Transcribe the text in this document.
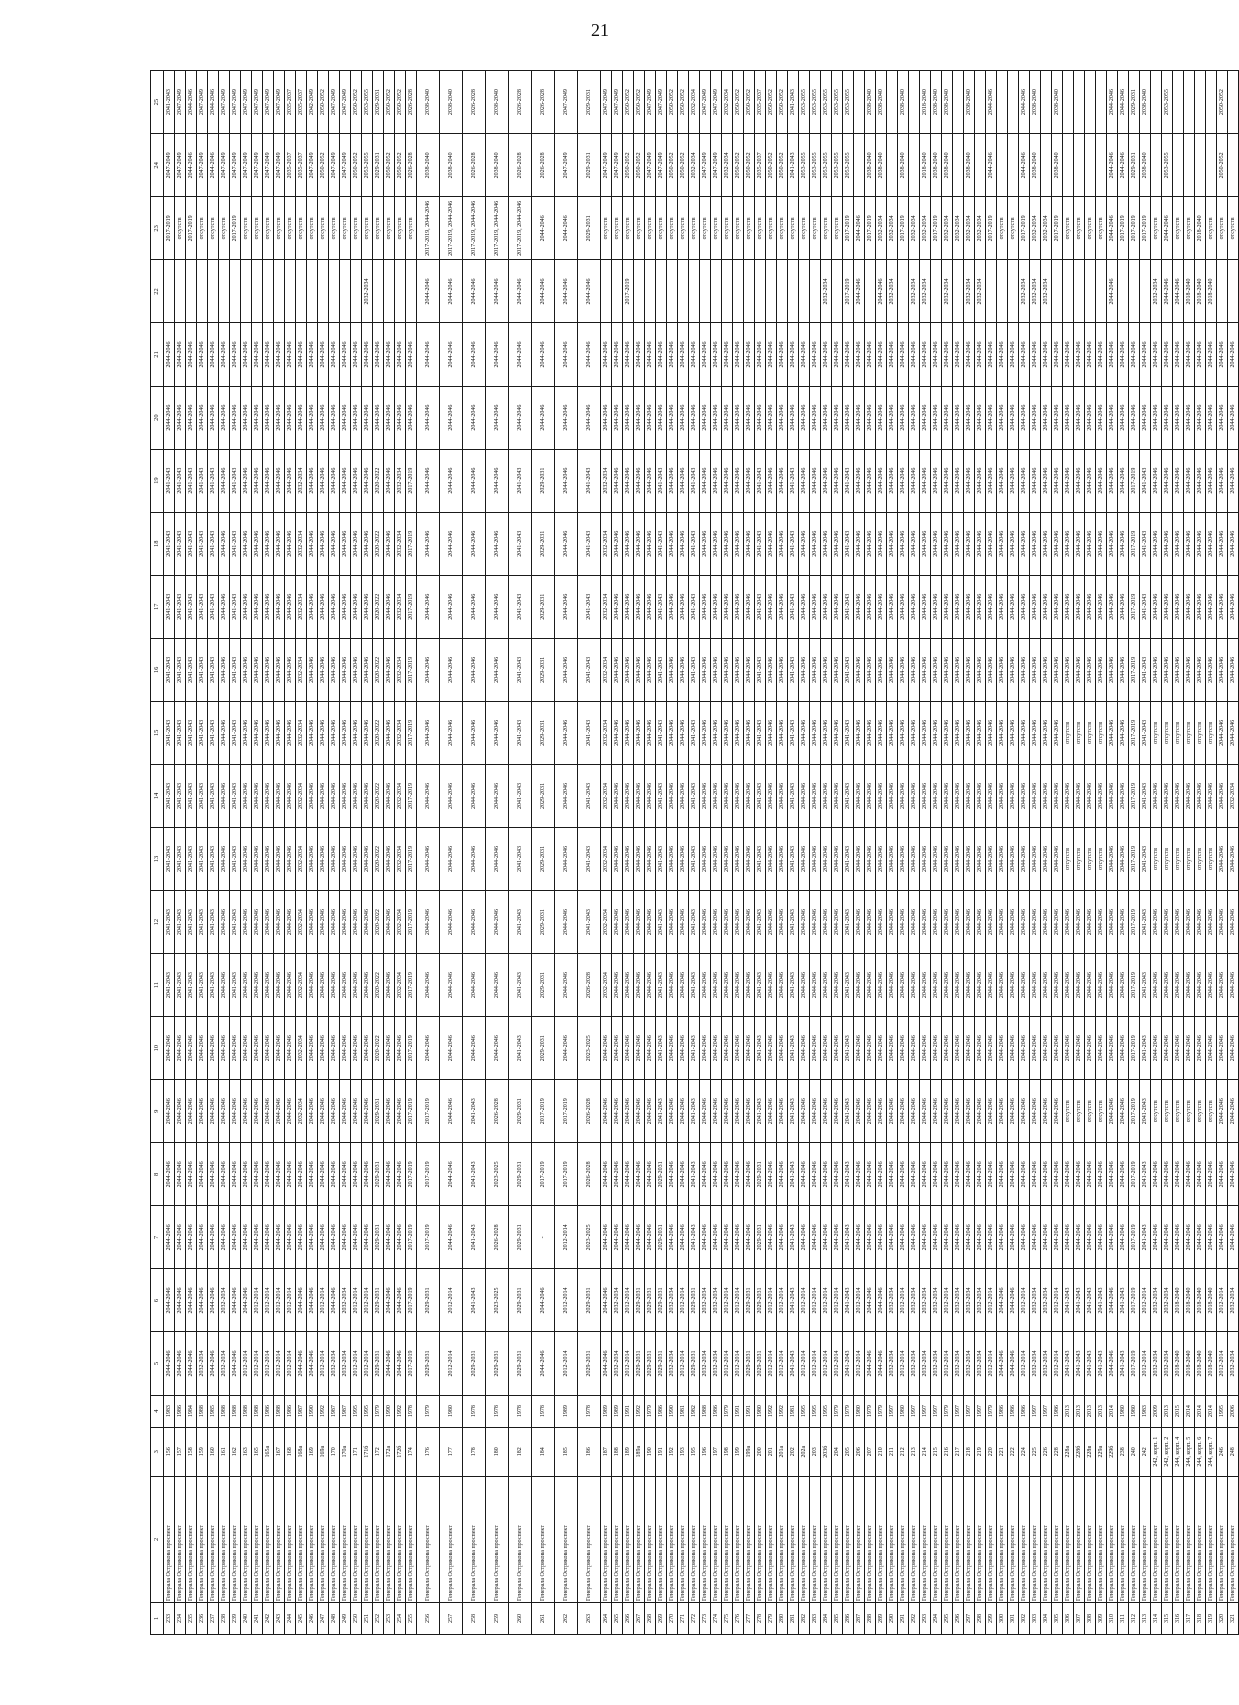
21
1	2	3	4	5	6	7	8	9	10	11	12	13	14	15	16	17	18	19	20	21	22	23	24	25
233	Генерала Острякова проспект	156	1983	2044-2046	2044-2046	2044-2046	2044-2046	2044-2046	2044-2046	2041-2043	2041-2043	2041-2043	2041-2043	2041-2043	2041-2043	2041-2043	2041-2043	2041-2043	2044-2046	2044-2046		2017-2019	2047-2049	2041-2043
234	Генерала Острякова проспект	157	1986	2044-2046	2044-2046	2044-2046	2044-2046	2044-2046	2044-2046	2041-2043	2041-2043	2041-2043	2041-2043	2041-2043	2041-2043	2041-2043	2041-2043	2041-2043	2044-2046	2044-2046		отсутств	2047-2049	2047-2049
235	Генерала Острякова проспект	158	1984	2044-2046	2044-2046	2044-2046	2044-2046	2044-2046	2044-2046	2041-2043	2041-2043	2041-2043	2041-2043	2041-2043	2041-2043	2041-2043	2041-2043	2041-2043	2044-2046	2044-2046		2017-2019	2044-2046	2044-2046
236	Генерала Острякова проспект	159	1988	2032-2034	2044-2046	2044-2046	2044-2046	2044-2046	2044-2046	2041-2043	2041-2043	2041-2043	2041-2043	2041-2043	2041-2043	2041-2043	2041-2043	2041-2043	2044-2046	2044-2046		отсутств	2047-2049	2047-2049
237	Генерала Острякова проспект	160	1985	2044-2046	2044-2046	2044-2046	2044-2046	2044-2046	2044-2046	2041-2043	2041-2043	2041-2043	2041-2043	2041-2043	2041-2043	2041-2043	2041-2043	2041-2043	2044-2046	2044-2046		отсутств	2044-2046	2044-2046
238	Генерала Острякова проспект	161	1988	2032-2034	2032-2034	2044-2046	2044-2046	2044-2046	2044-2046	2044-2046	2044-2046	2044-2046	2044-2046	2044-2046	2044-2046	2044-2046	2044-2046	2044-2046	2044-2046	2044-2046		отсутств	2047-2049	2047-2049
239	Генерала Острякова проспект	162	1988	2044-2046	2044-2046	2044-2046	2044-2046	2044-2046	2044-2046	2041-2043	2041-2043	2041-2043	2041-2043	2041-2043	2041-2043	2041-2043	2041-2043	2041-2043	2044-2046	2044-2046		2017-2019	2047-2049	2047-2049
240	Генерала Острякова проспект	163	1988	2012-2014	2044-2046	2044-2046	2044-2046	2044-2046	2044-2046	2044-2046	2044-2046	2044-2046	2044-2046	2044-2046	2044-2046	2044-2046	2044-2046	2044-2046	2044-2046	2044-2046		отсутств	2047-2049	2047-2049
241	Генерала Острякова проспект	165	1988	2012-2014	2012-2014	2044-2046	2044-2046	2044-2046	2044-2046	2044-2046	2044-2046	2044-2046	2044-2046	2044-2046	2044-2046	2044-2046	2044-2046	2044-2046	2044-2046	2044-2046		отсутств	2047-2049	2047-2049
242	Генерала Острякова проспект	165а	1986	2012-2014	2012-2014	2044-2046	2044-2046	2044-2046	2044-2046	2044-2046	2044-2046	2044-2046	2044-2046	2044-2046	2044-2046	2044-2046	2044-2046	2044-2046	2044-2046	2044-2046		отсутств	2047-2049	2047-2049
243	Генерала Острякова проспект	167	1988	2012-2014	2012-2014	2044-2046	2044-2046	2044-2046	2044-2046	2044-2046	2044-2046	2044-2046	2044-2046	2044-2046	2044-2046	2044-2046	2044-2046	2044-2046	2044-2046	2044-2046		отсутств	2047-2049	2047-2049
244	Генерала Острякова проспект	168	1986	2012-2014	2012-2014	2044-2046	2044-2046	2044-2046	2044-2046	2044-2046	2044-2046	2044-2046	2044-2046	2044-2046	2044-2046	2044-2046	2044-2046	2044-2046	2044-2046	2044-2046		отсутств	2035-2037	2035-2037
245	Генерала Острякова проспект	168а	1987	2044-2046	2044-2046	2044-2046	2044-2046	2032-2034	2032-2034	2032-2034	2032-2034	2032-2034	2032-2034	2032-2034	2032-2034	2032-2034	2032-2034	2032-2034	2044-2046	2044-2046		отсутств	2035-2037	2035-2037
246	Генерала Острякова проспект	169	1990	2044-2046	2044-2046	2044-2046	2044-2046	2044-2046	2044-2046	2044-2046	2044-2046	2044-2046	2044-2046	2044-2046	2044-2046	2044-2046	2044-2046	2044-2046	2044-2046	2044-2046		отсутств	2047-2049	2042-2049
247	Генерала Острякова проспект	169а	1992	2012-2014	2012-2014	2044-2046	2044-2046	2044-2046	2044-2046	2044-2046	2044-2046	2044-2046	2044-2046	2044-2046	2044-2046	2044-2046	2044-2046	2044-2046	2044-2046	2044-2046		отсутств	2050-2052	2050-2052
248	Генерала Острякова проспект	170	1987	2032-2034	2044-2046	2044-2046	2044-2046	2044-2046	2044-2046	2044-2046	2044-2046	2044-2046	2044-2046	2044-2046	2044-2046	2044-2046	2044-2046	2044-2046	2044-2046	2044-2046		отсутств	2047-2049	2047-2049
249	Генерала Острякова проспект	170а	1987	2032-2034	2032-2034	2044-2046	2044-2046	2044-2046	2044-2046	2044-2046	2044-2046	2044-2046	2044-2046	2044-2046	2044-2046	2044-2046	2044-2046	2044-2046	2044-2046	2044-2046		отсутств	2047-2049	2047-2049
250	Генерала Острякова проспект	171	1995	2012-2014	2012-2014	2044-2046	2044-2046	2044-2046	2044-2046	2044-2046	2044-2046	2044-2046	2044-2046	2044-2046	2044-2046	2044-2046	2044-2046	2044-2046	2044-2046	2044-2046		отсутств	2050-2052	2050-2052
251	Генерала Острякова проспект	171б	1995	2012-2014	2012-2014	2044-2046	2044-2046	2044-2046	2044-2046	2044-2046	2044-2046	2044-2046	2044-2046	2044-2046	2044-2046	2044-2046	2044-2046	2044-2046	2044-2046	2044-2046	2032-2034	отсутств	2053-2055	2053-2055
252	Генерала Острякова проспект	172	1979	2029-2031	2029-2031	2029-2031	2029-2031	2029-2031	2020-2022	2020-2022	2020-2022	2020-2022	2020-2022	2020-2022	2020-2022	2020-2022	2020-2022	2020-2022	2044-2046	2044-2046		отсутств	2029-2031	2029-2031
253	Генерала Острякова проспект	172а	1990	2044-2046	2044-2046	2044-2046	2044-2046	2044-2046	2044-2046	2044-2046	2044-2046	2044-2046	2044-2046	2044-2046	2044-2046	2044-2046	2044-2046	2044-2046	2044-2046	2044-2046		отсутств	2050-2052	2050-2052
254	Генерала Острякова проспект	172б	1992	2044-2046	2044-2046	2044-2046	2044-2046	2044-2046	2044-2046	2032-2034	2032-2034	2032-2034	2032-2034	2032-2034	2032-2034	2032-2034	2032-2034	2032-2034	2044-2046	2044-2046		отсутств	2050-2052	2050-2052
255	Генерала Острякова проспект	174	1978	2017-2019	2017-2019	2017-2019	2017-2019	2017-2019	2017-2019	2017-2019	2017-2019	2017-2019	2017-2019	2017-2019	2017-2019	2017-2019	2017-2019	2017-2019	2044-2046	2044-2046		отсутств	2026-2028	2026-2028
256	Генерала Острякова проспект	176	1979	2029-2031	2029-2031	2017-2019	2017-2019	2017-2019	2044-2046	2044-2046	2044-2046	2044-2046	2044-2046	2044-2046	2044-2046	2044-2046	2044-2046	2044-2046	2044-2046	2044-2046	2044-2046	2017-2019, 2044-2046	2038-2040	2038-2040
257	Генерала Острякова проспект	177	1980	2012-2014	2012-2014	2044-2046	2044-2046	2044-2046	2044-2046	2044-2046	2044-2046	2044-2046	2044-2046	2044-2046	2044-2046	2044-2046	2044-2046	2044-2046	2044-2046	2044-2046	2044-2046	2017-2019, 2044-2046	2038-2040	2038-2040
258	Генерала Острякова проспект	178	1978	2029-2031	2041-2043	2041-2043	2041-2043	2041-2043	2044-2046	2044-2046	2044-2046	2044-2046	2044-2046	2044-2046	2044-2046	2044-2046	2044-2046	2044-2046	2044-2046	2044-2046	2044-2046	2017-2019, 2044-2046	2026-2028	2026-2028
259	Генерала Острякова проспект	180	1978	2029-2031	2023-2025	2026-2028	2023-2025	2026-2028	2044-2046	2044-2046	2044-2046	2044-2046	2044-2046	2044-2046	2044-2046	2044-2046	2044-2046	2044-2046	2044-2046	2044-2046	2044-2046	2017-2019, 2044-2046	2038-2040	2038-2040
260	Генерала Острякова проспект	182	1978	2029-2031	2029-2031	2029-2031	2029-2031	2029-2031	2041-2043	2041-2043	2041-2043	2041-2043	2041-2043	2041-2043	2041-2043	2041-2043	2041-2043	2041-2043	2044-2046	2044-2046	2044-2046	2017-2019, 2044-2046	2026-2028	2026-2028
261	Генерала Острякова проспект	184	1978	2044-2046	2044-2046	-	2017-2019	2017-2019	2029-2031	2029-2031	2029-2031	2029-2031	2029-2031	2029-2031	2029-2031	2029-2031	2029-2031	2029-2031	2044-2046	2044-2046	2044-2046	2044-2046	2026-2028	2026-2028
262	Генерала Острякова проспект	185	1989	2012-2014	2012-2014	2012-2014	2017-2019	2017-2019	2044-2046	2044-2046	2044-2046	2044-2046	2044-2046	2044-2046	2044-2046	2044-2046	2044-2046	2044-2046	2044-2046	2044-2046	2044-2046	2044-2046	2047-2049	2047-2049
263	Генерала Острякова проспект	186	1978	2029-2031	2029-2031	2023-2025	2026-2028	2026-2028	2023-2025	2026-2028	2041-2043	2041-2043	2041-2043	2041-2043	2041-2043	2041-2043	2041-2043	2041-2043	2044-2046	2044-2046	2044-2046	2029-2031	2029-2031	2029-2031
264	Генерала Острякова проспект	187	1989	2044-2046	2044-2046	2044-2046	2044-2046	2044-2046	2044-2046	2032-2034	2032-2034	2032-2034	2032-2034	2032-2034	2032-2034	2032-2034	2032-2034	2032-2034	2044-2046	2044-2046		отсутств	2047-2049	2047-2049
265	Генерала Острякова проспект	188	1989	2032-2034	2032-2034	2044-2046	2044-2046	2044-2046	2044-2046	2044-2046	2044-2046	2044-2046	2044-2046	2044-2046	2044-2046	2044-2046	2044-2046	2044-2046	2044-2046	2044-2046		отсутств	2047-2049	2047-2049
266	Генерала Острякова проспект	189	1991	2012-2014	2012-2014	2044-2046	2044-2046	2044-2046	2044-2046	2044-2046	2044-2046	2044-2046	2044-2046	2044-2046	2044-2046	2044-2046	2044-2046	2044-2046	2044-2046	2044-2046	2017-2019	отсутств	2050-2052	2050-2052
267	Генерала Острякова проспект	189а	1992	2029-2031	2029-2031	2044-2046	2044-2046	2044-2046	2044-2046	2044-2046	2044-2046	2044-2046	2044-2046	2044-2046	2044-2046	2044-2046	2044-2046	2044-2046	2044-2046	2044-2046		отсутств	2050-2052	2050-2052
268	Генерала Острякова проспект	190	1979	2029-2031	2029-2031	2044-2046	2044-2046	2044-2046	2044-2046	2044-2046	2044-2046	2044-2046	2044-2046	2044-2046	2044-2046	2044-2046	2044-2046	2044-2046	2044-2046	2044-2046		отсутств	2047-2049	2047-2049
269	Генерала Острякова проспект	191	1986	2029-2031	2029-2031	2029-2031	2029-2031	2041-2043	2041-2043	2041-2043	2041-2043	2041-2043	2041-2043	2041-2043	2041-2043	2041-2043	2041-2043	2041-2043	2044-2046	2044-2046		отсутств	2047-2049	2047-2049
270	Генерала Острякова проспект	192	1990	2032-2034	2032-2034	2044-2046	2044-2046	2044-2046	2044-2046	2044-2046	2044-2046	2044-2046	2044-2046	2044-2046	2044-2046	2044-2046	2044-2046	2044-2046	2044-2046	2044-2046		отсутств	2050-2052	2050-2052
271	Генерала Острякова проспект	193	1981	2012-2014	2012-2014	2044-2046	2044-2046	2044-2046	2044-2046	2044-2046	2044-2046	2044-2046	2044-2046	2044-2046	2044-2046	2044-2046	2044-2046	2044-2046	2044-2046	2044-2046		отсутств	2050-2052	2050-2052
272	Генерала Острякова проспект	195	1982	2029-2031	2029-2031	2041-2043	2041-2043	2041-2043	2041-2043	2041-2043	2041-2043	2041-2043	2041-2043	2041-2043	2041-2043	2041-2043	2041-2043	2041-2043	2044-2046	2044-2046		отсутств	2032-2034	2032-2034
273	Генерала Острякова проспект	196	1988	2032-2034	2032-2034	2044-2046	2044-2046	2044-2046	2044-2046	2044-2046	2044-2046	2044-2046	2044-2046	2044-2046	2044-2046	2044-2046	2044-2046	2044-2046	2044-2046	2044-2046		отсутств	2047-2049	2047-2049
274	Генерала Острякова проспект	197	1986	2032-2034	2032-2034	2044-2046	2044-2046	2044-2046	2044-2046	2044-2046	2044-2046	2044-2046	2044-2046	2044-2046	2044-2046	2044-2046	2044-2046	2044-2046	2044-2046	2044-2046		отсутств	2047-2049	2047-2049
275	Генерала Острякова проспект	198	1979	2012-2014	2012-2014	2044-2046	2044-2046	2044-2046	2044-2046	2044-2046	2044-2046	2044-2046	2044-2046	2044-2046	2044-2046	2044-2046	2044-2046	2044-2046	2044-2046	2044-2046		отсутств	2032-2034	2032-2034
276	Генерала Острякова проспект	199	1991	2012-2014	2012-2014	2044-2046	2044-2046	2044-2046	2044-2046	2044-2046	2044-2046	2044-2046	2044-2046	2044-2046	2044-2046	2044-2046	2044-2046	2044-2046	2044-2046	2044-2046		отсутств	2050-2052	2050-2052
277	Генерала Острякова проспект	199а	1991	2029-2031	2029-2031	2044-2046	2044-2046	2044-2046	2044-2046	2044-2046	2044-2046	2044-2046	2044-2046	2044-2046	2044-2046	2044-2046	2044-2046	2044-2046	2044-2046	2044-2046		отсутств	2050-2052	2050-2052
278	Генерала Острякова проспект	200	1980	2029-2031	2029-2031	2029-2031	2029-2031	2041-2043	2041-2043	2041-2043	2041-2043	2041-2043	2041-2043	2041-2043	2041-2043	2041-2043	2041-2043	2041-2043	2044-2046	2044-2046		отсутств	2035-2037	2035-2037
279	Генерала Острякова проспект	201	1992	2012-2014	2012-2014	2044-2046	2044-2046	2044-2046	2044-2046	2044-2046	2044-2046	2044-2046	2044-2046	2044-2046	2044-2046	2044-2046	2044-2046	2044-2046	2044-2046	2044-2046		отсутств	2050-2052	2050-2052
280	Генерала Острякова проспект	201а	1992	2012-2014	2012-2014	2044-2046	2044-2046	2044-2046	2044-2046	2044-2046	2044-2046	2044-2046	2044-2046	2044-2046	2044-2046	2044-2046	2044-2046	2044-2046	2044-2046	2044-2046		отсутств	2050-2052	2050-2052
281	Генерала Острякова проспект	202	1981	2041-2043	2041-2043	2041-2043	2041-2043	2041-2043	2041-2043	2041-2043	2041-2043	2041-2043	2041-2043	2041-2043	2041-2043	2041-2043	2041-2043	2041-2043	2044-2046	2044-2046		отсутств	2041-2043	2041-2043
282	Генерала Острякова проспект	202а	1995	2012-2014	2012-2014	2044-2046	2044-2046	2044-2046	2044-2046	2044-2046	2044-2046	2044-2046	2044-2046	2044-2046	2044-2046	2044-2046	2044-2046	2044-2046	2044-2046	2044-2046		отсутств	2053-2055	2053-2055
283	Генерала Острякова проспект	203	1995	2012-2014	2012-2014	2044-2046	2044-2046	2044-2046	2044-2046	2044-2046	2044-2046	2044-2046	2044-2046	2044-2046	2044-2046	2044-2046	2044-2046	2044-2046	2044-2046	2044-2046		отсутств	2053-2055	2053-2055
284	Генерала Острякова проспект	203б	1995	2012-2014	2012-2014	2044-2046	2044-2046	2044-2046	2044-2046	2044-2046	2044-2046	2044-2046	2044-2046	2044-2046	2044-2046	2044-2046	2044-2046	2044-2046	2044-2046	2044-2046	2032-2034	отсутств	2053-2055	2053-2055
285	Генерала Острякова проспект	204	1979	2012-2014	2012-2014	2044-2046	2044-2046	2044-2046	2044-2046	2044-2046	2044-2046	2044-2046	2044-2046	2044-2046	2044-2046	2044-2046	2044-2046	2044-2046	2044-2046	2044-2046		отсутств	2053-2055	2053-2055
286	Генерала Острякова проспект	205	1979	2041-2043	2041-2043	2041-2043	2041-2043	2041-2043	2041-2043	2041-2043	2041-2043	2041-2043	2041-2043	2041-2043	2041-2043	2041-2043	2041-2043	2041-2043	2044-2046	2044-2046	2017-2019	2017-2019	2053-2055	2053-2055
287	Генерала Острякова проспект	206	1980	2012-2014	2012-2014	2044-2046	2044-2046	2044-2046	2044-2046	2044-2046	2044-2046	2044-2046	2044-2046	2044-2046	2044-2046	2044-2046	2044-2046	2044-2046	2044-2046	2044-2046	2044-2046	2044-2046		
288	Генерала Острякова проспект	207	1979	2044-2046	2044-2046	2044-2046	2044-2046	2044-2046	2044-2046	2044-2046	2044-2046	2044-2046	2044-2046	2044-2046	2044-2046	2044-2046	2044-2046	2044-2046	2044-2046	2044-2046		2017-2019	2038-2040	2038-2040
289	Генерала Острякова проспект	210	1979	2044-2046	2044-2046	2044-2046	2044-2046	2044-2046	2044-2046	2044-2046	2044-2046	2044-2046	2044-2046	2044-2046	2044-2046	2044-2046	2044-2046	2044-2046	2044-2046	2044-2046	2044-2046	2032-2034	2038-2040	2038-2040
290	Генерала Острякова проспект	211	1997	2032-2034	2032-2034	2044-2046	2044-2046	2044-2046	2044-2046	2044-2046	2044-2046	2044-2046	2044-2046	2044-2046	2044-2046	2044-2046	2044-2046	2044-2046	2044-2046	2044-2046	2032-2034	2032-2034		
291	Генерала Острякова проспект	212	1980	2012-2014	2012-2014	2044-2046	2044-2046	2044-2046	2044-2046	2044-2046	2044-2046	2044-2046	2044-2046	2044-2046	2044-2046	2044-2046	2044-2046	2044-2046	2044-2046	2044-2046		2017-2019	2038-2040	2038-2040
292	Генерала Острякова проспект	213	1997	2032-2034	2032-2034	2044-2046	2044-2046	2044-2046	2044-2046	2044-2046	2044-2046	2044-2046	2044-2046	2044-2046	2044-2046	2044-2046	2044-2046	2044-2046	2044-2046	2044-2046	2032-2034	2032-2034		
293	Генерала Острякова проспект	214	1997	2032-2034	2032-2034	2044-2046	2044-2046	2044-2046	2044-2046	2044-2046	2044-2046	2044-2046	2044-2046	2044-2046	2044-2046	2044-2046	2044-2046	2044-2046	2044-2046	2044-2046	2032-2034	2032-2034	2018-2040	2018-2040
294	Генерала Острякова проспект	215	1997	2032-2034	2032-2034	2044-2046	2044-2046	2044-2046	2044-2046	2044-2046	2044-2046	2044-2046	2044-2046	2044-2046	2044-2046	2044-2046	2044-2046	2044-2046	2044-2046	2044-2046		2017-2019	2038-2040	2038-2040
295	Генерала Острякова проспект	216	1979	2012-2014	2012-2014	2044-2046	2044-2046	2044-2046	2044-2046	2044-2046	2044-2046	2044-2046	2044-2046	2044-2046	2044-2046	2044-2046	2044-2046	2044-2046	2044-2046	2044-2046	2032-2034	2032-2034	2038-2040	2038-2040
296	Генерала Острякова проспект	217	1997	2032-2034	2032-2034	2044-2046	2044-2046	2044-2046	2044-2046	2044-2046	2044-2046	2044-2046	2044-2046	2044-2046	2044-2046	2044-2046	2044-2046	2044-2046	2044-2046	2044-2046		2032-2034		
297	Генерала Острякова проспект	218	1997	2032-2034	2032-2034	2044-2046	2044-2046	2044-2046	2044-2046	2044-2046	2044-2046	2044-2046	2044-2046	2044-2046	2044-2046	2044-2046	2044-2046	2044-2046	2044-2046	2044-2046	2032-2034	2032-2034	2038-2040	2038-2040
298	Генерала Острякова проспект	219	1997	2032-2034	2032-2034	2044-2046	2044-2046	2044-2046	2044-2046	2044-2046	2044-2046	2044-2046	2044-2046	2044-2046	2044-2046	2044-2046	2044-2046	2044-2046	2044-2046	2044-2046	2032-2034	2032-2034		
299	Генерала Острякова проспект	220	1979	2012-2014	2012-2014	2044-2046	2044-2046	2044-2046	2044-2046	2044-2046	2044-2046	2044-2046	2044-2046	2044-2046	2044-2046	2044-2046	2044-2046	2044-2046	2044-2046	2044-2046		2017-2019	2044-2046	2044-2046
300	Генерала Острякова проспект	221	1986	2044-2046	2044-2046	2044-2046	2044-2046	2044-2046	2044-2046	2044-2046	2044-2046	2044-2046	2044-2046	2044-2046	2044-2046	2044-2046	2044-2046	2044-2046	2044-2046	2044-2046		отсутств		
301	Генерала Острякова проспект	222	1986	2044-2046	2044-2046	2044-2046	2044-2046	2044-2046	2044-2046	2044-2046	2044-2046	2044-2046	2044-2046	2044-2046	2044-2046	2044-2046	2044-2046	2044-2046	2044-2046	2044-2046		отсутств		
302	Генерала Острякова проспект	224	1986	2012-2014	2012-2014	2044-2046	2044-2046	2044-2046	2044-2046	2044-2046	2044-2046	2044-2046	2044-2046	2044-2046	2044-2046	2044-2046	2044-2046	2044-2046	2044-2046	2044-2046	2032-2034	2017-2019	2044-2046	2044-2046
303	Генерала Острякова проспект	225	1997	2032-2034	2032-2034	2044-2046	2044-2046	2044-2046	2044-2046	2044-2046	2044-2046	2044-2046	2044-2046	2044-2046	2044-2046	2044-2046	2044-2046	2044-2046	2044-2046	2044-2046	2032-2034	2032-2034	2038-2040	2038-2040
304	Генерала Острякова проспект	226	1997	2032-2034	2032-2034	2044-2046	2044-2046	2044-2046	2044-2046	2044-2046	2044-2046	2044-2046	2044-2046	2044-2046	2044-2046	2044-2046	2044-2046	2044-2046	2044-2046	2044-2046	2032-2034	2032-2034		
305	Генерала Острякова проспект	228	1986	2012-2014	2012-2014	2044-2046	2044-2046	2044-2046	2044-2046	2044-2046	2044-2046	2044-2046	2044-2046	2044-2046	2044-2046	2044-2046	2044-2046	2044-2046	2044-2046	2044-2046		2017-2019	2038-2040	2038-2040
306	Генерала Острякова проспект	228а	2013	2041-2043	2041-2043	2044-2046	2044-2046	отсутств	2044-2046	2044-2046	2044-2046	отсутств	2044-2046	отсутств	2044-2046	2044-2046	2044-2046	2044-2046	2044-2046	2044-2046		отсутств		
307	Генерала Острякова проспект	228б	2013	2041-2043	2041-2043	2044-2046	2044-2046	отсутств	2044-2046	2044-2046	2044-2046	отсутств	2044-2046	отсутств	2044-2046	2044-2046	2044-2046	2044-2046	2044-2046	2044-2046		отсутств		
308	Генерала Острякова проспект	228в	2013	2041-2043	2041-2043	2044-2046	2044-2046	отсутств	2044-2046	2044-2046	2044-2046	отсутств	2044-2046	отсутств	2044-2046	2044-2046	2044-2046	2044-2046	2044-2046	2044-2046		отсутств		
309	Генерала Острякова проспект	229а	2013	2041-2043	2041-2043	2044-2046	2044-2046	отсутств	2044-2046	2044-2046	2044-2046	отсутств	2044-2046	отсутств	2044-2046	2044-2046	2044-2046	2044-2046	2044-2046	2044-2046		отсутств		
310	Генерала Острякова проспект	229б	2014	2044-2046	2044-2046	2044-2046	2044-2046	2044-2046	2044-2046	2044-2046	2044-2046	2044-2046	2044-2046	2044-2046	2044-2046	2044-2046	2044-2046	2044-2046	2044-2046	2044-2046	2044-2046	2044-2046	2044-2046	2044-2046
311	Генерала Острякова проспект	238	1980	2041-2043	2041-2043	2044-2046	2044-2046	2044-2046	2044-2046	2044-2046	2044-2046	2044-2046	2044-2046	2044-2046	2044-2046	2044-2046	2044-2046	2044-2046	2044-2046	2044-2046		2017-2019	2044-2046	2044-2046
312	Генерала Острякова проспект	240	1980	2017-2019	2017-2019	2017-2019	2017-2019	2017-2019	2017-2019	2017-2019	2017-2019	2017-2019	2017-2019	2017-2019	2017-2019	2017-2019	2017-2019	2017-2019	2044-2046	2044-2046		2017-2019	2029-2031	2029-2031
313	Генерала Острякова проспект	242	1983	2012-2014	2012-2014	2041-2043	2041-2043	2041-2043	2041-2043	2041-2043	2041-2043	2041-2043	2041-2043	2041-2043	2041-2043	2041-2043	2041-2043	2041-2043	2044-2046	2044-2046		2017-2019	2038-2040	2038-2040
314	Генерала Острякова проспект	242, корп. 1	2009	2032-2034	2032-2034	2044-2046	2044-2046	отсутств	2044-2046	2044-2046	2044-2046	отсутств	2044-2046	отсутств	2044-2046	2044-2046	2044-2046	2044-2046	2044-2046	2044-2046	2032-2034	отсутств		
315	Генерала Острякова проспект	242, корп. 2	2013	2032-2034	2032-2034	2044-2046	2044-2046	отсутств	2044-2046	2044-2046	2044-2046	отсутств	2044-2046	отсутств	2044-2046	2044-2046	2044-2046	2044-2046	2044-2046	2044-2046	2044-2046	2044-2046	2053-2055	2053-2055
316	Генерала Острякова проспект	244, корп. 4	2015	2018-2040	2018-2040	2044-2046	2044-2046	отсутств	2044-2046	2044-2046	2044-2046	отсутств	2044-2046	отсутств	2044-2046	2044-2046	2044-2046	2044-2046	2044-2046	2044-2046	2044-2046	отсутств		
317	Генерала Острякова проспект	244, корп. 5	2014	2018-2040	2018-2040	2044-2046	2044-2046	отсутств	2044-2046	2044-2046	2044-2046	отсутств	2044-2046	отсутств	2044-2046	2044-2046	2044-2046	2044-2046	2044-2046	2044-2046	2018-2040	отсутств		
318	Генерала Острякова проспект	244, корп. 6	2014	2018-2040	2018-2040	2044-2046	2044-2046	отсутств	2044-2046	2044-2046	2044-2046	отсутств	2044-2046	отсутств	2044-2046	2044-2046	2044-2046	2044-2046	2044-2046	2044-2046	2018-2040	2018-2040		
319	Генерала Острякова проспект	244, корп. 7	2014	2018-2040	2018-2040	2044-2046	2044-2046	отсутств	2044-2046	2044-2046	2044-2046	отсутств	2044-2046	отсутств	2044-2046	2044-2046	2044-2046	2044-2046	2044-2046	2044-2046	2018-2040	отсутств		
320	Генерала Острякова проспект	246	1995	2012-2014	2012-2014	2044-2046	2044-2046	2044-2046	2044-2046	2044-2046	2044-2046	2044-2046	2044-2046	2044-2046	2044-2046	2044-2046	2044-2046	2044-2046	2044-2046	2044-2046		отсутств	2050-2052	2050-2052
321	Генерала Острякова проспект	248	2006	2032-2034	2032-2034	2044-2046	2044-2046	2044-2046	2044-2046	2044-2046	2044-2046	2044-2046	2032-2034	2044-2046	2044-2046	2044-2046	2044-2046	2044-2046	2044-2046	2044-2046		отсутств		
